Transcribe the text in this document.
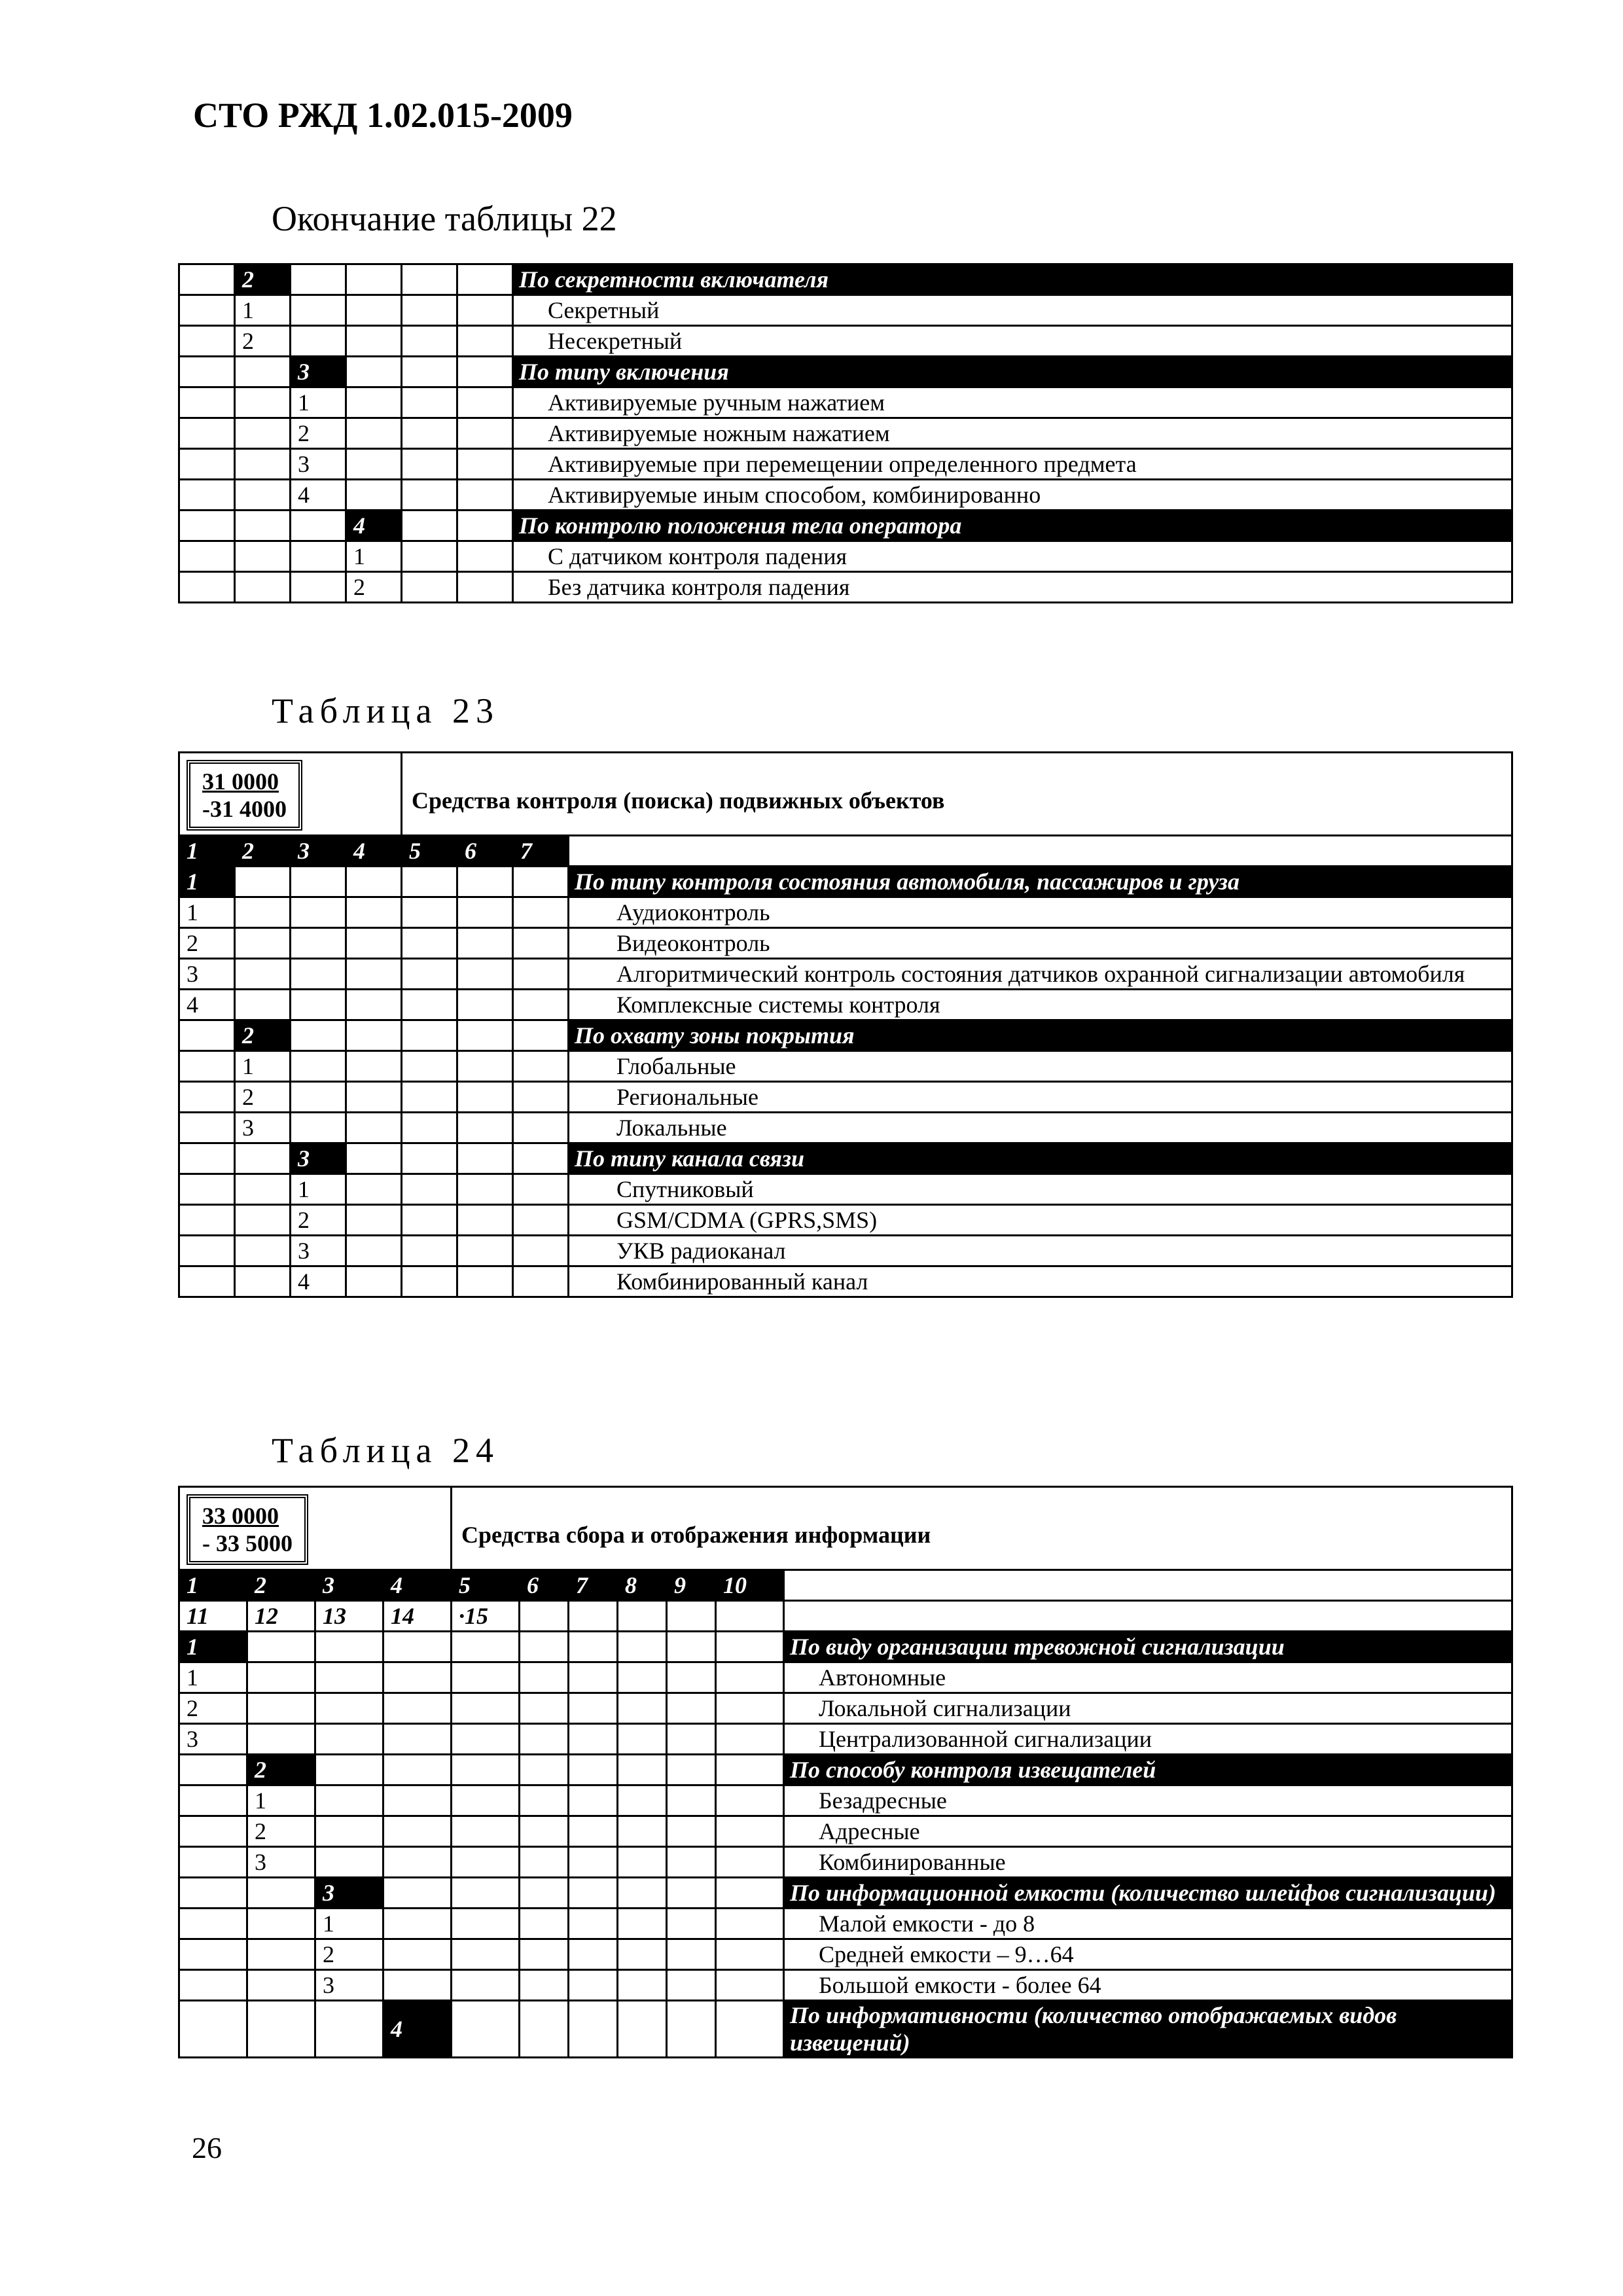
СТО РЖД 1.02.015-2009
Окончание таблицы 22
	2					По секретности включателя
	1					Секретный
	2					Несекретный
		3				По типу включения
		1				Активируемые ручным нажатием
		2				Активируемые ножным нажатием
		3				Активируемые при перемещении определенного предмета
		4				Активируемые иным способом, комбинированно
			4			По контролю положения тела оператора
			1			С датчиком контроля падения
			2			Без датчика контроля падения
Таблица 23
$\frac{31 0000}{-31 4000}$				Средства контроля (поиска) подвижных объектов			
1	2	3	4	5	6	7	
1							По типу контроля состояния автомобиля, пассажиров и груза
1							Аудиоконтроль
2							Видеоконтроль
3							Алгоритмический контроль состояния датчиков охранной сигнализации автомобиля
4							Комплексные системы контроля
	2						По охвату зоны покрытия
	1						Глобальные
	2						Региональные
	3						Локальные
		3					По типу канала связи
		1					Спутниковый
		2					GSM/CDMA (GPRS,SMS)
		3					УКВ радиоканал
		4					Комбинированный канал
Таблица 24
$\frac{33 0000}{- 33 5000}$				Средства сбора и отображения информации						
1	2	3	4	5	6	7	8	9	10	
11	12	13	14	·15						
1										По виду организации тревожной сигнализации
1										Автономные
2										Локальной сигнализации
3										Централизованной сигнализации
	2									По способу контроля извещателей
	1									Безадресные
	2									Адресные
	3									Комбинированные
		3								По информационной емкости (количество шлейфов сигнализации)
		1								Малой емкости - до 8
		2								Средней емкости – 9…64
		3								Большой емкости - более 64
			4							По информативности (количество отображаемых видов извещений)
26
